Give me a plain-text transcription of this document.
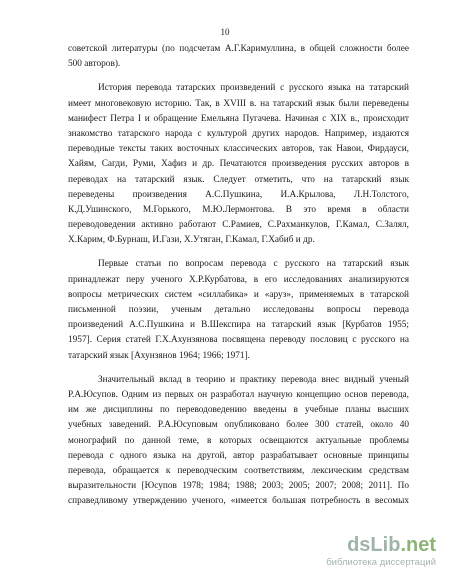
10
советской литературы (по подсчетам А.Г.Каримуллина, в общей сложности более
500 авторов).
История перевода татарских произведений с русского языка на татарский
имеет многовековую историю. Так, в XVIII в. на татарский язык были переведены
манифест Петра I и обращение Емельяна Пугачева. Начиная с XIX в., происходит
знакомство татарского народа с культурой других народов. Например, издаются
переводные тексты таких восточных классических авторов, так Навои, Фирдауси,
Хайям, Сагди, Руми, Хафиз и др. Печатаются произведения русских авторов в
переводах на татарский язык. Следует отметить, что на татарский язык
переведены произведения А.С.Пушкина, И.А.Крылова, Л.Н.Толстого,
К.Д.Ушинского, М.Горького, М.Ю.Лермонтова. В это время в области
переводоведения активно работают С.Рамиев, С.Рахманкулов, Г.Камал, С.Залял,
Х.Карим, Ф.Бурнаш, И.Гази, Х.Утяган, Г.Камал, Г.Хабиб и др.
Первые статьи по вопросам перевода с русского на татарский язык
принадлежат перу ученого Х.Р.Курбатова, в его исследованиях анализируются
вопросы метрических систем «силлабика» и «аруз», применяемых в татарской
письменной поэзии, ученым детально исследованы вопросы перевода
произведений А.С.Пушкина и В.Шекспира на татарский язык [Курбатов 1955;
1957]. Серия статей Г.Х.Ахунзянова посвящена переводу пословиц с русского на
татарский язык [Ахунзянов 1964; 1966; 1971].
Значительный вклад в теорию и практику перевода внес видный ученый
Р.А.Юсупов. Одним из первых он разработал научную концепцию основ перевода,
им же дисциплины по переводоведению введены в учебные планы высших
учебных заведений. Р.А.Юсуповым опубликовано более 300 статей, около 40
монографий по данной теме, в которых освещаются актуальные проблемы
перевода с одного языка на другой, автор разрабатывает основные принципы
перевода, обращается к переводческим соответствиям, лексическим средствам
выразительности [Юсупов 1978; 1984; 1988; 2003; 2005; 2007; 2008; 2011]. По
справедливому утверждению ученого, «имеется большая потребность в весомых
dsLib.net
библиотека диссертаций
